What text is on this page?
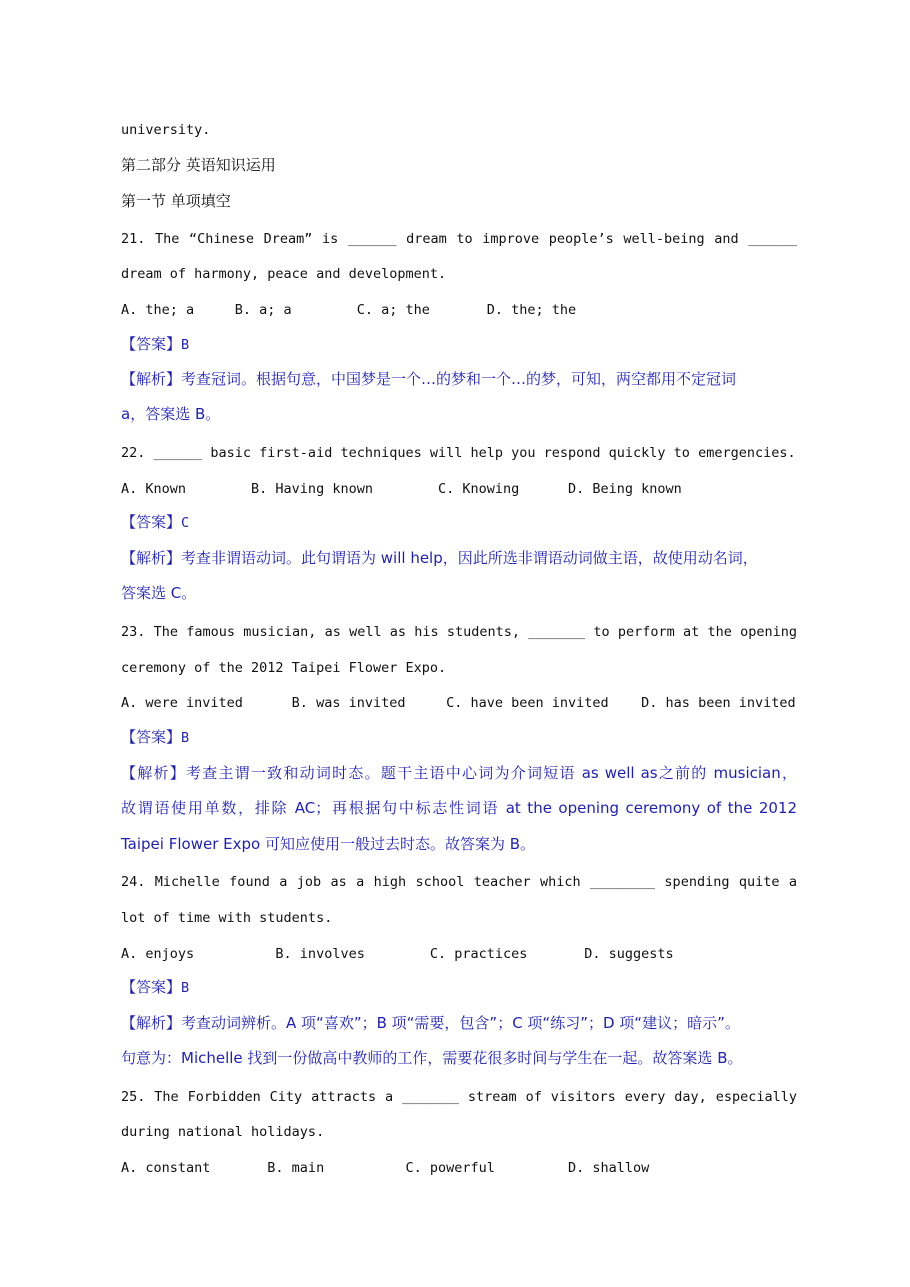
university.
第二部分 英语知识运用
第一节 单项填空
21. The “Chinese Dream” is ______ dream to improve people’s well-being and ______
dream of harmony, peace and development.
A. the; a     B. a; a        C. a; the       D. the; the
【答案】B
【解析】考查冠词。根据句意，中国梦是一个…的梦和一个…的梦，可知，两空都用不定冠词
a，答案选 B。
22. ______ basic first-aid techniques will help you respond quickly to emergencies.
A. Known        B. Having known        C. Knowing      D. Being known
【答案】C
【解析】考查非谓语动词。此句谓语为 will help，因此所选非谓语动词做主语，故使用动名词，
答案选 C。
23. The famous musician, as well as his students, _______ to perform at the opening
ceremony of the 2012 Taipei Flower Expo.
A. were invited      B. was invited     C. have been invited    D. has been invited
【答案】B
【解析】考查主谓一致和动词时态。题干主语中心词为介词短语 as well as之前的 musician，
故谓语使用单数，排除 AC；再根据句中标志性词语 at the opening ceremony of the 2012
Taipei Flower Expo 可知应使用一般过去时态。故答案为 B。
24. Michelle found a job as a high school teacher which ________ spending quite a
lot of time with students.
A. enjoys          B. involves        C. practices       D. suggests
【答案】B
【解析】考查动词辨析。A 项“喜欢”；B 项“需要，包含”；C 项“练习”；D 项“建议；暗示”。
句意为：Michelle 找到一份做高中教师的工作，需要花很多时间与学生在一起。故答案选 B。
25. The Forbidden City attracts a _______ stream of visitors every day, especially
during national holidays.
A. constant       B. main          C. powerful         D. shallow
